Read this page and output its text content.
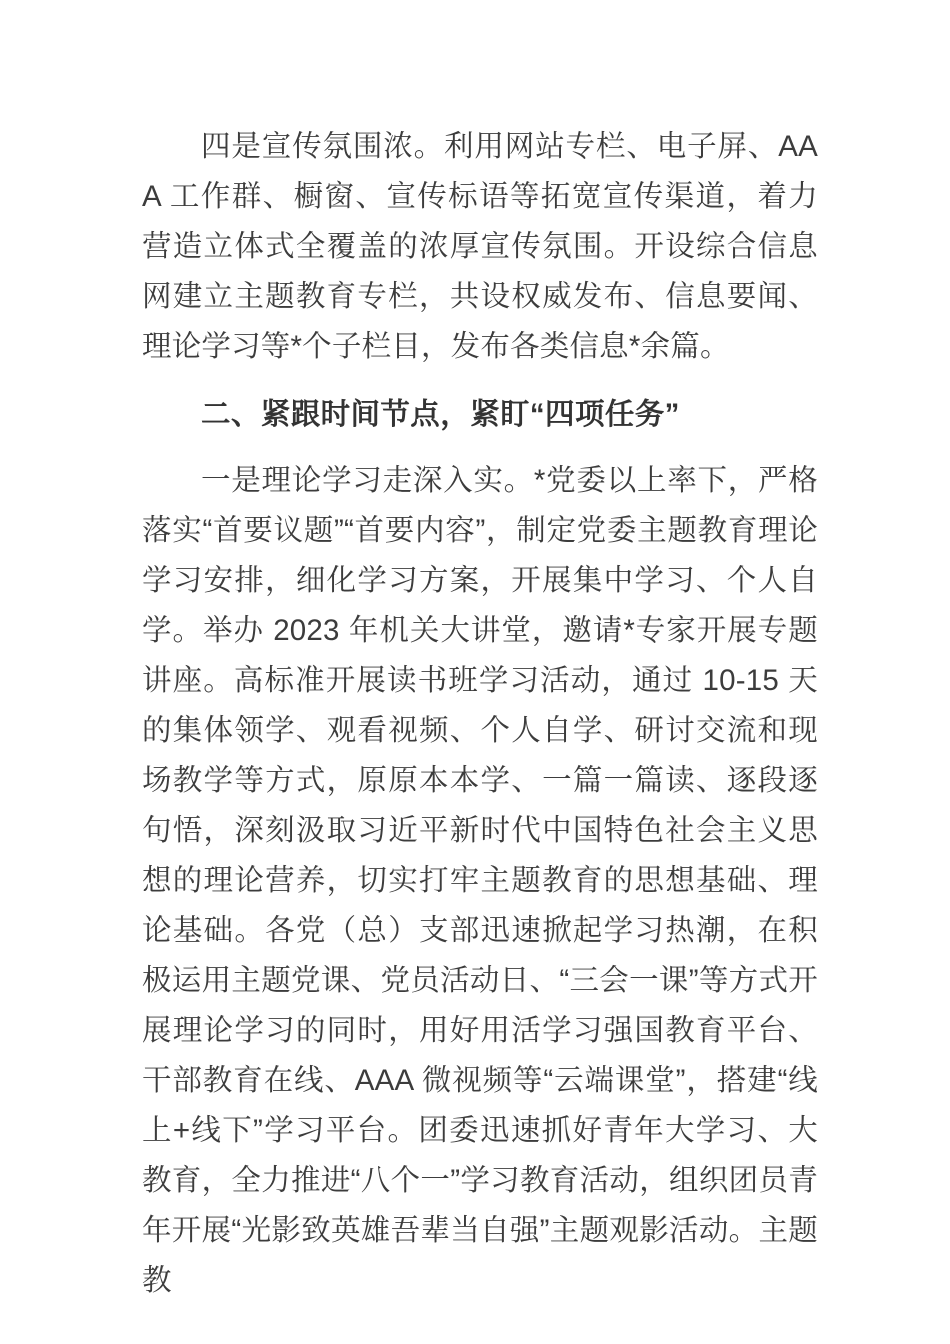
四是宣传氛围浓。利用网站专栏、电子屏、AAA 工作群、橱窗、宣传标语等拓宽宣传渠道，着力营造立体式全覆盖的浓厚宣传氛围。开设综合信息网建立主题教育专栏，共设权威发布、信息要闻、理论学习等*个子栏目，发布各类信息*余篇。

二、紧跟时间节点，紧盯“四项任务”

一是理论学习走深入实。*党委以上率下，严格落实“首要议题”“首要内容”，制定党委主题教育理论学习安排，细化学习方案，开展集中学习、个人自学。举办 2023 年机关大讲堂，邀请*专家开展专题讲座。高标准开展读书班学习活动，通过 10-15 天的集体领学、观看视频、个人自学、研讨交流和现场教学等方式，原原本本学、一篇一篇读、逐段逐句悟，深刻汲取习近平新时代中国特色社会主义思想的理论营养，切实打牢主题教育的思想基础、理论基础。各党（总）支部迅速掀起学习热潮，在积极运用主题党课、党员活动日、“三会一课”等方式开展理论学习的同时，用好用活学习强国教育平台、干部教育在线、AAA 微视频等“云端课堂”，搭建“线上+线下”学习平台。团委迅速抓好青年大学习、大教育，全力推进“八个一”学习教育活动，组织团员青年开展“光影致英雄吾辈当自强”主题观影活动。主题教
